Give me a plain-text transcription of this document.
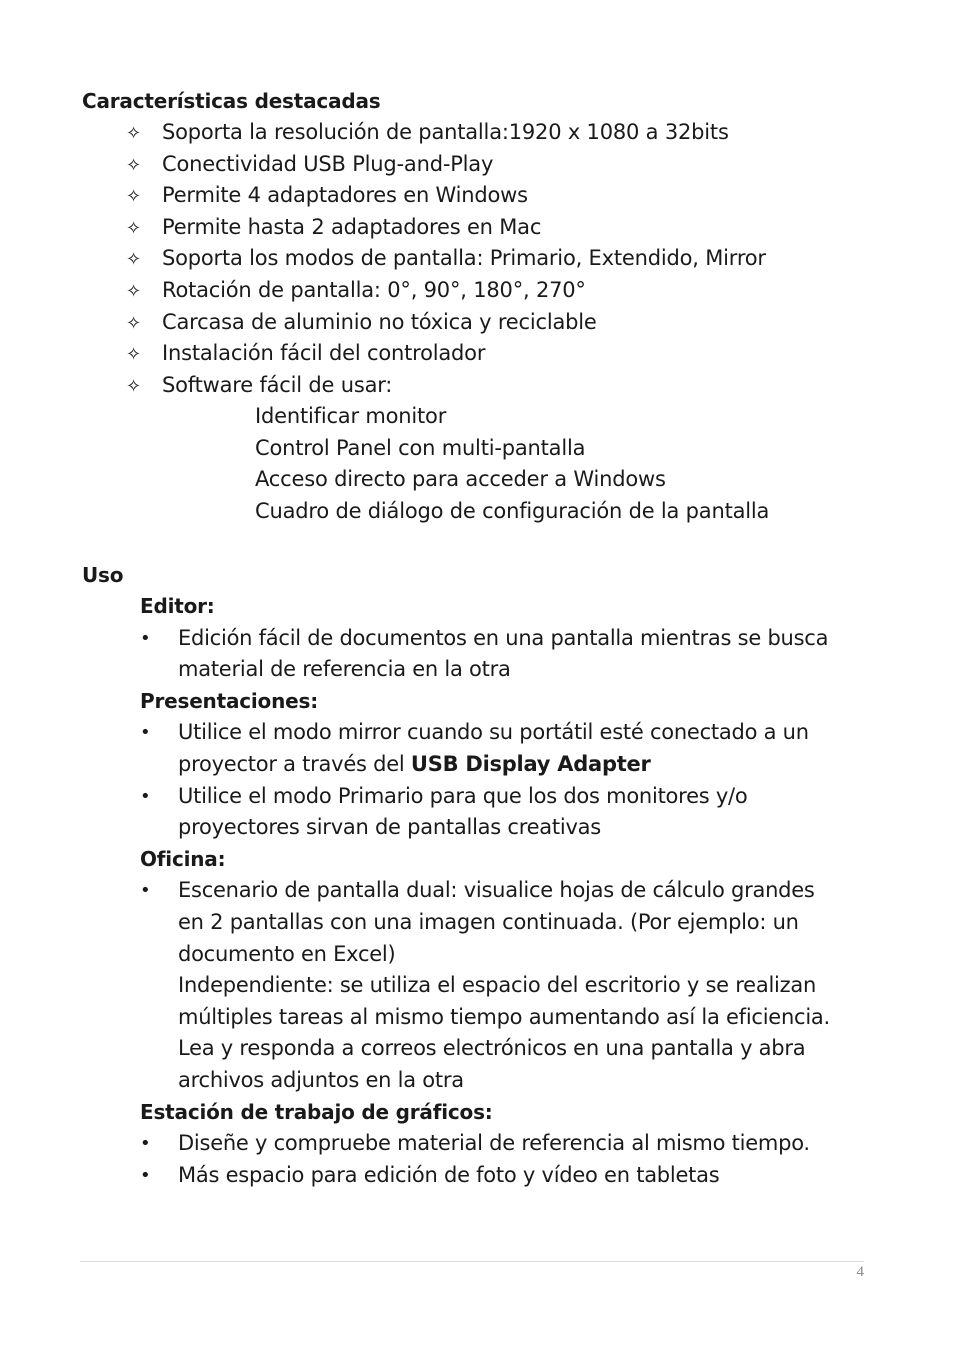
Características destacadas
✧ Soporta la resolución de pantalla:1920 x 1080 a 32bits
✧ Conectividad USB Plug-and-Play
✧ Permite 4 adaptadores en Windows
✧ Permite hasta 2 adaptadores en Mac
✧ Soporta los modos de pantalla: Primario, Extendido, Mirror
✧ Rotación de pantalla: 0°, 90°, 180°, 270°
✧ Carcasa de aluminio no tóxica y reciclable
✧ Instalación fácil del controlador
✧ Software fácil de usar:
Identificar monitor
Control Panel con multi-pantalla
Acceso directo para acceder a Windows
Cuadro de diálogo de configuración de la pantalla
Uso
Editor:
•	Edición fácil de documentos en una pantalla mientras se busca
material de referencia en la otra
Presentaciones:
•	Utilice el modo mirror cuando su portátil esté conectado a un
proyector a través del USB Display Adapter
•	Utilice el modo Primario para que los dos monitores y/o
proyectores sirvan de pantallas creativas
Oficina:
•	Escenario de pantalla dual: visualice hojas de cálculo grandes
en 2 pantallas con una imagen continuada. (Por ejemplo: un
documento en Excel)
Independiente: se utiliza el espacio del escritorio y se realizan
múltiples tareas al mismo tiempo aumentando así la eficiencia.
Lea y responda a correos electrónicos en una pantalla y abra
archivos adjuntos en la otra
Estación de trabajo de gráficos:
•	Diseñe y compruebe material de referencia al mismo tiempo.
•	Más espacio para edición de foto y vídeo en tabletas
4
